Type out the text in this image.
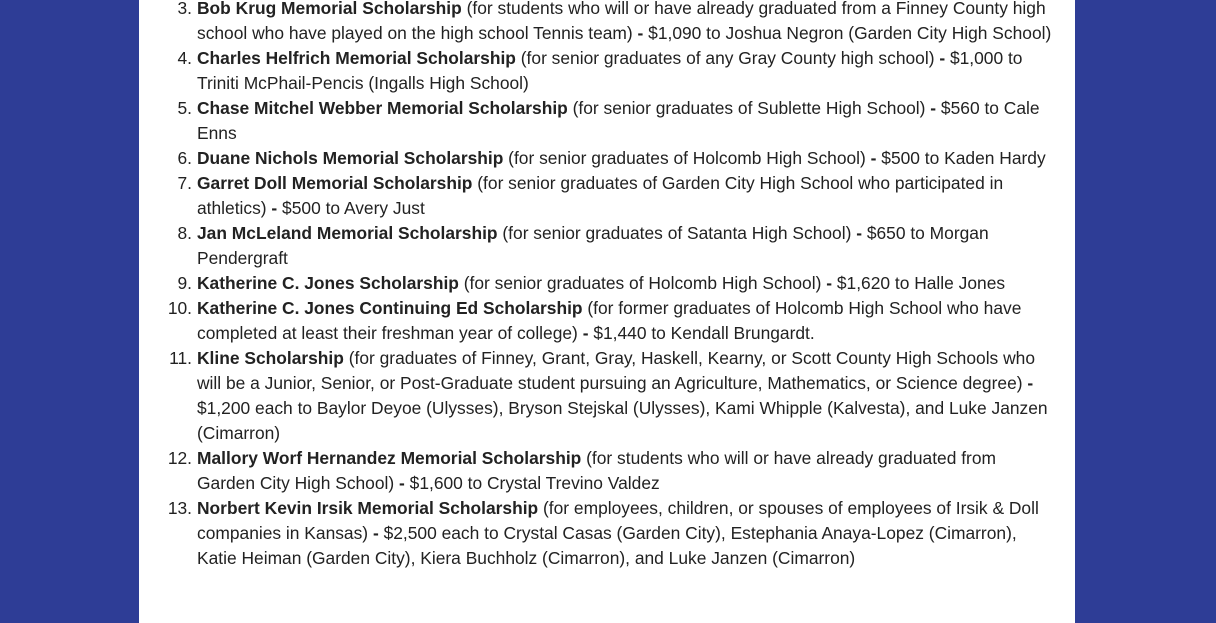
3. Bob Krug Memorial Scholarship (for students who will or have already graduated from a Finney County high school who have played on the high school Tennis team) - $1,090 to Joshua Negron (Garden City High School)
4. Charles Helfrich Memorial Scholarship (for senior graduates of any Gray County high school) - $1,000 to Triniti McPhail-Pencis (Ingalls High School)
5. Chase Mitchel Webber Memorial Scholarship (for senior graduates of Sublette High School) - $560 to Cale Enns
6. Duane Nichols Memorial Scholarship (for senior graduates of Holcomb High School) - $500 to Kaden Hardy
7. Garret Doll Memorial Scholarship (for senior graduates of Garden City High School who participated in athletics) - $500 to Avery Just
8. Jan McLeland Memorial Scholarship (for senior graduates of Satanta High School) - $650 to Morgan Pendergraft
9. Katherine C. Jones Scholarship (for senior graduates of Holcomb High School) - $1,620 to Halle Jones
10. Katherine C. Jones Continuing Ed Scholarship (for former graduates of Holcomb High School who have completed at least their freshman year of college) - $1,440 to Kendall Brungardt.
11. Kline Scholarship (for graduates of Finney, Grant, Gray, Haskell, Kearny, or Scott County High Schools who will be a Junior, Senior, or Post-Graduate student pursuing an Agriculture, Mathematics, or Science degree) - $1,200 each to Baylor Deyoe (Ulysses), Bryson Stejskal (Ulysses), Kami Whipple (Kalvesta), and Luke Janzen (Cimarron)
12. Mallory Worf Hernandez Memorial Scholarship (for students who will or have already graduated from Garden City High School) - $1,600 to Crystal Trevino Valdez
13. Norbert Kevin Irsik Memorial Scholarship (for employees, children, or spouses of employees of Irsik & Doll companies in Kansas) - $2,500 each to Crystal Casas (Garden City), Estephania Anaya-Lopez (Cimarron), Katie Heiman (Garden City), Kiera Buchholz (Cimarron), and Luke Janzen (Cimarron)
